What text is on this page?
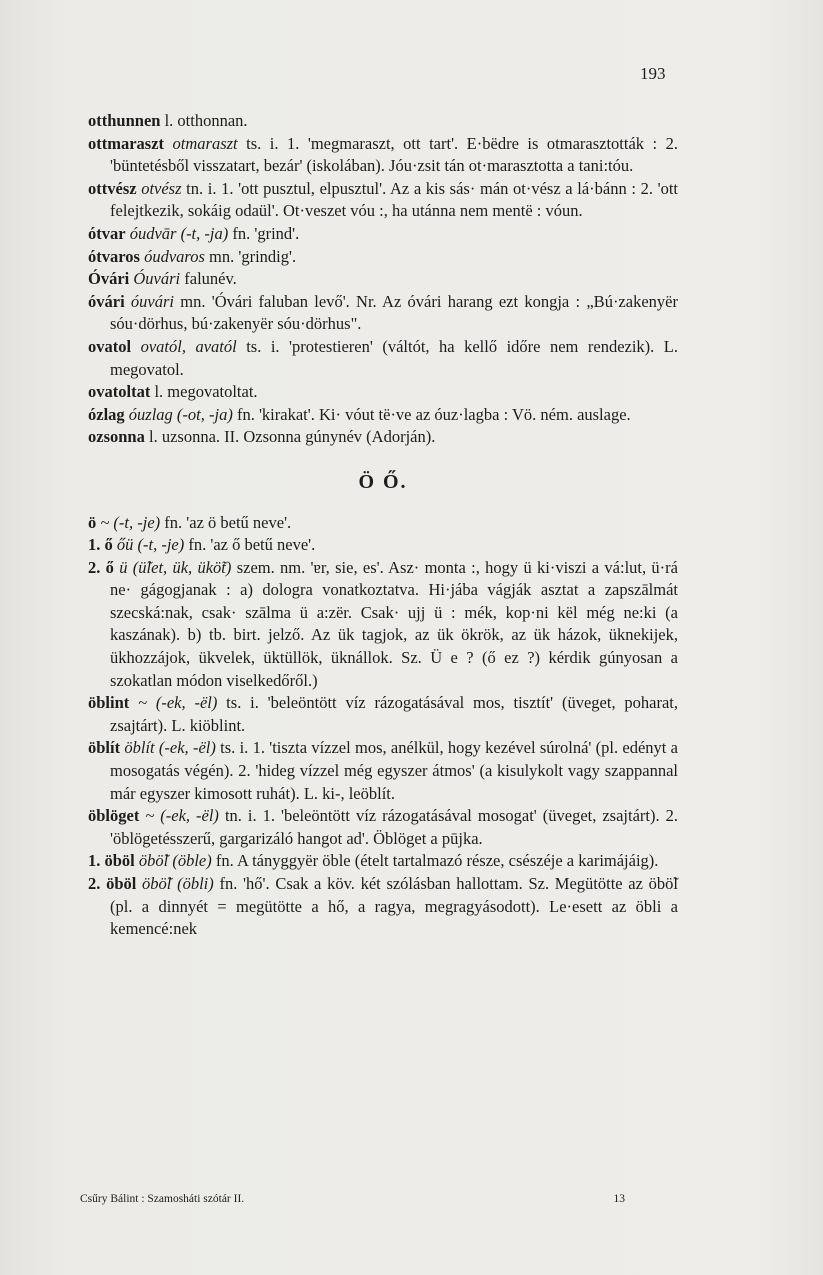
193

otthunnen l. otthonnan.

ottmaraszt otmaraszt ts. i. 1. 'megmaraszt, ott tart'. E·bëdre is otmarasztották : 2. 'büntetésből visszatart, bezár' (iskolában). Jóu·zsit tán ot·marasztotta a tani:tóu.

ottvész otvész tn. i. 1. 'ott pusztul, elpusztul'. Az a kis sás· mán ot·vész a lá·bánn : 2. 'ott felejtkezik, sokáig odaül'. Ot·veszet vóu :, ha utánna nem mentë : vóun.

ótvar óudvār (-t, -ja) fn. 'grind'.

ótvaros óudvaros mn. 'grindig'.

Óvári Óuvári falunév.

óvári óuvári mn. 'Óvári faluban levő'. Nr. Az óvári harang ezt kongja : „Bú·zakenyër sóu·dörhus, bú·zakenyër sóu·dörhus".

ovatol ovatól, avatól ts. i. 'protestieren' (váltót, ha kellő időre nem rendezik). L. megovatol.

ovatoltat l. megovatoltat.

ózlag óuzlag (-ot, -ja) fn. 'kirakat'. Ki· vóut të·ve az óuz·lagba : Vö. ném. auslage.

ozsonna l. uzsonna. II. Ozsonna gúnynév (Adorján).

Ö Ő.

ö ~ (-t, -je) fn. 'az ö betű neve'.

1. ő őü (-t, -je) fn. 'az ő betű neve'.

2. ő ü (ü̃let, ük, ükö̃t) szem. nm. 'ɐr, sie, es'. Asz· monta :, hogy ü ki·viszi a vá:lut, ü·rá ne· gágogjanak : a) dologra vonatkoztatva. Hi·jába vágják asztat a zapszālmát szecská:nak, csak· szālma ü a:zër. Csak· ujj ü : mék, kop·ni kël még ne:ki (a kaszának). b) tb. birt. jelző. Az ük tagjok, az ük ökrök, az ük házok, üknekijek, ükhozzájok, ükvelek, üktüllök, üknállok. Sz. Ü e ? (ő ez ?) kérdik gúnyosan a szokatlan módon viselkedőről.)

öblint ~ (-ek, -ël) ts. i. 'beleöntött víz rázogatásával mos, tisztít' (üveget, poharat, zsajtárt). L. kiöblint.

öblít öblít (-ek, -ël) ts. i. 1. 'tiszta vízzel mos, anélkül, hogy kezével súrolná' (pl. edényt a mosogatás végén). 2. 'hideg vízzel még egyszer átmos' (a kisulykolt vagy szappannal már egyszer kimosott ruhát). L. ki-, leöblít.

öblöget ~ (-ek, -ël) tn. i. 1. 'beleöntött víz rázogatásával mosogat' (üveget, zsajtárt). 2. 'öblögetésszerű, gargarizáló hangot ad'. Öblöget a pūjka.

1. öböl öbö̃l (öble) fn. A tányggyër öble (ételt tartalmazó része, csészéje a karimájáig).

2. öböl öbö̃l (öbli) fn. 'hő'. Csak a köv. két szólásban hallottam. Sz. Megütötte az öbö̃l (pl. a dinnyét = megütötte a hő, a ragya, megragyásodott). Le·esett az öbli a kemencé:nek

Csűry Bálint : Szamosháti szótár II.	13
